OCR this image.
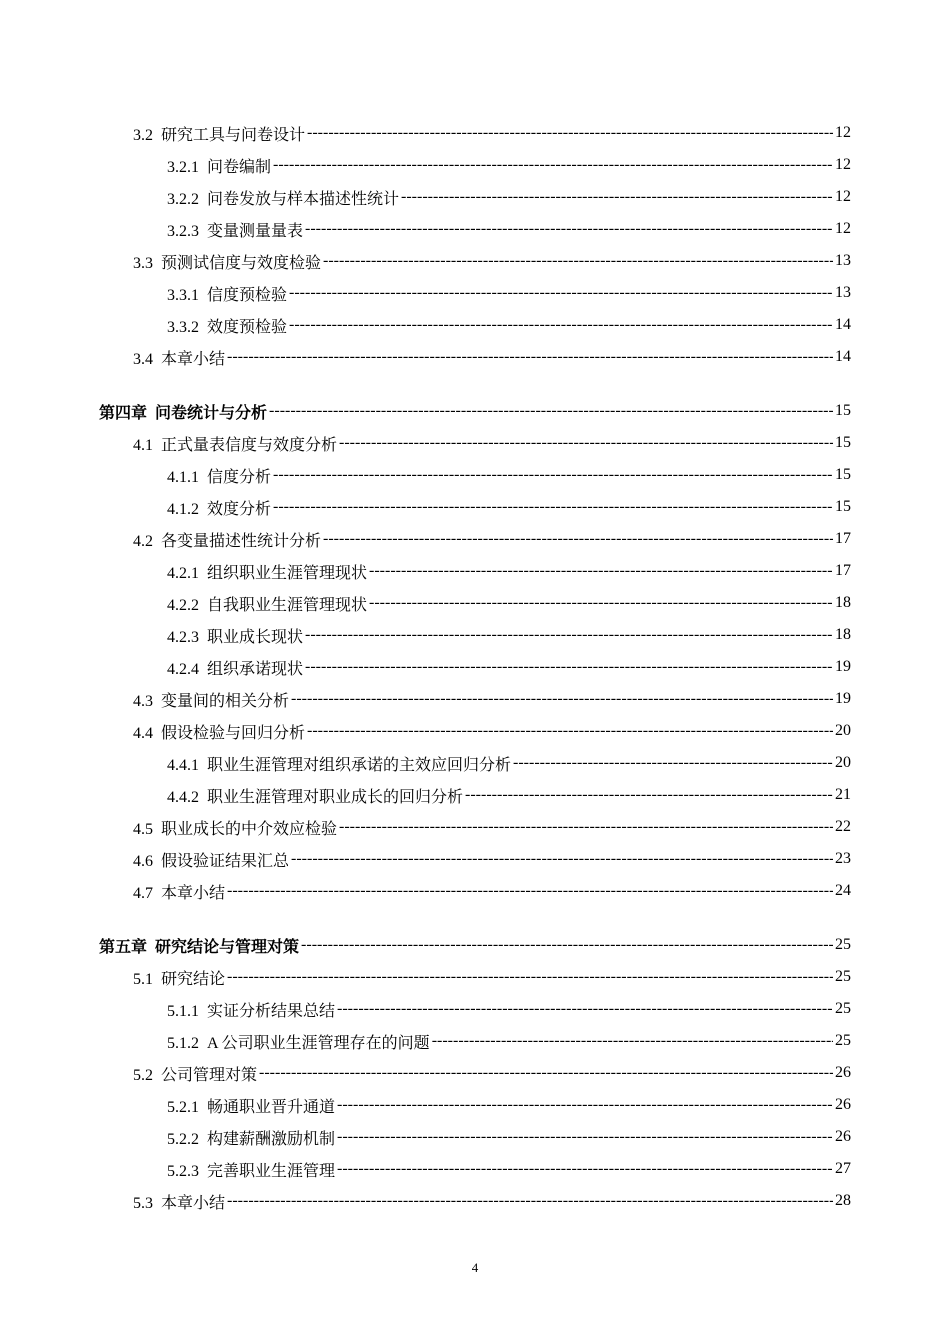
3.2 研究工具与问卷设计 -----	12
3.2.1 问卷编制 -----	12
3.2.2 问卷发放与样本描述性统计 -----	12
3.2.3 变量测量量表 -----	12
3.3 预测试信度与效度检验 -----	13
3.3.1 信度预检验 -----	13
3.3.2 效度预检验 -----	14
3.4 本章小结 -----	14
第四章 问卷统计与分析 -----	15
4.1 正式量表信度与效度分析 -----	15
4.1.1 信度分析 -----	15
4.1.2 效度分析 -----	15
4.2 各变量描述性统计分析 -----	17
4.2.1 组织职业生涯管理现状 -----	17
4.2.2 自我职业生涯管理现状 -----	18
4.2.3 职业成长现状 -----	18
4.2.4 组织承诺现状 -----	19
4.3 变量间的相关分析 -----	19
4.4 假设检验与回归分析 -----	20
4.4.1 职业生涯管理对组织承诺的主效应回归分析 -----	20
4.4.2 职业生涯管理对职业成长的回归分析 -----	21
4.5 职业成长的中介效应检验 -----	22
4.6 假设验证结果汇总 -----	23
4.7 本章小结 -----	24
第五章 研究结论与管理对策 -----	25
5.1 研究结论 -----	25
5.1.1 实证分析结果总结 -----	25
5.1.2 A 公司职业生涯管理存在的问题 -----	25
5.2 公司管理对策 -----	26
5.2.1 畅通职业晋升通道 -----	26
5.2.2 构建薪酬激励机制 -----	26
5.2.3 完善职业生涯管理 -----	27
5.3 本章小结 -----	28
4
